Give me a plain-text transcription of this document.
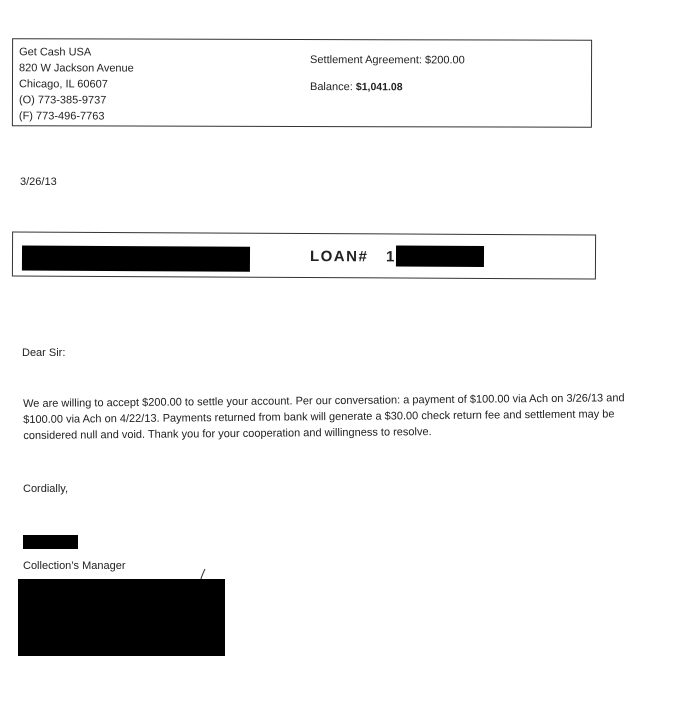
Get Cash USA
820 W Jackson Avenue
Chicago, IL 60607
(O) 773-385-9737
(F) 773-496-7763
Settlement Agreement: $200.00
Balance: $1,041.08
3/26/13
LOAN# 1
Dear Sir:
We are willing to accept $200.00 to settle your account. Per our conversation: a payment of $100.00 via Ach on 3/26/13 and
$100.00 via Ach on 4/22/13. Payments returned from bank will generate a $30.00 check return fee and settlement may be
considered null and void. Thank you for your cooperation and willingness to resolve.
Cordially,
Collection’s Manager
